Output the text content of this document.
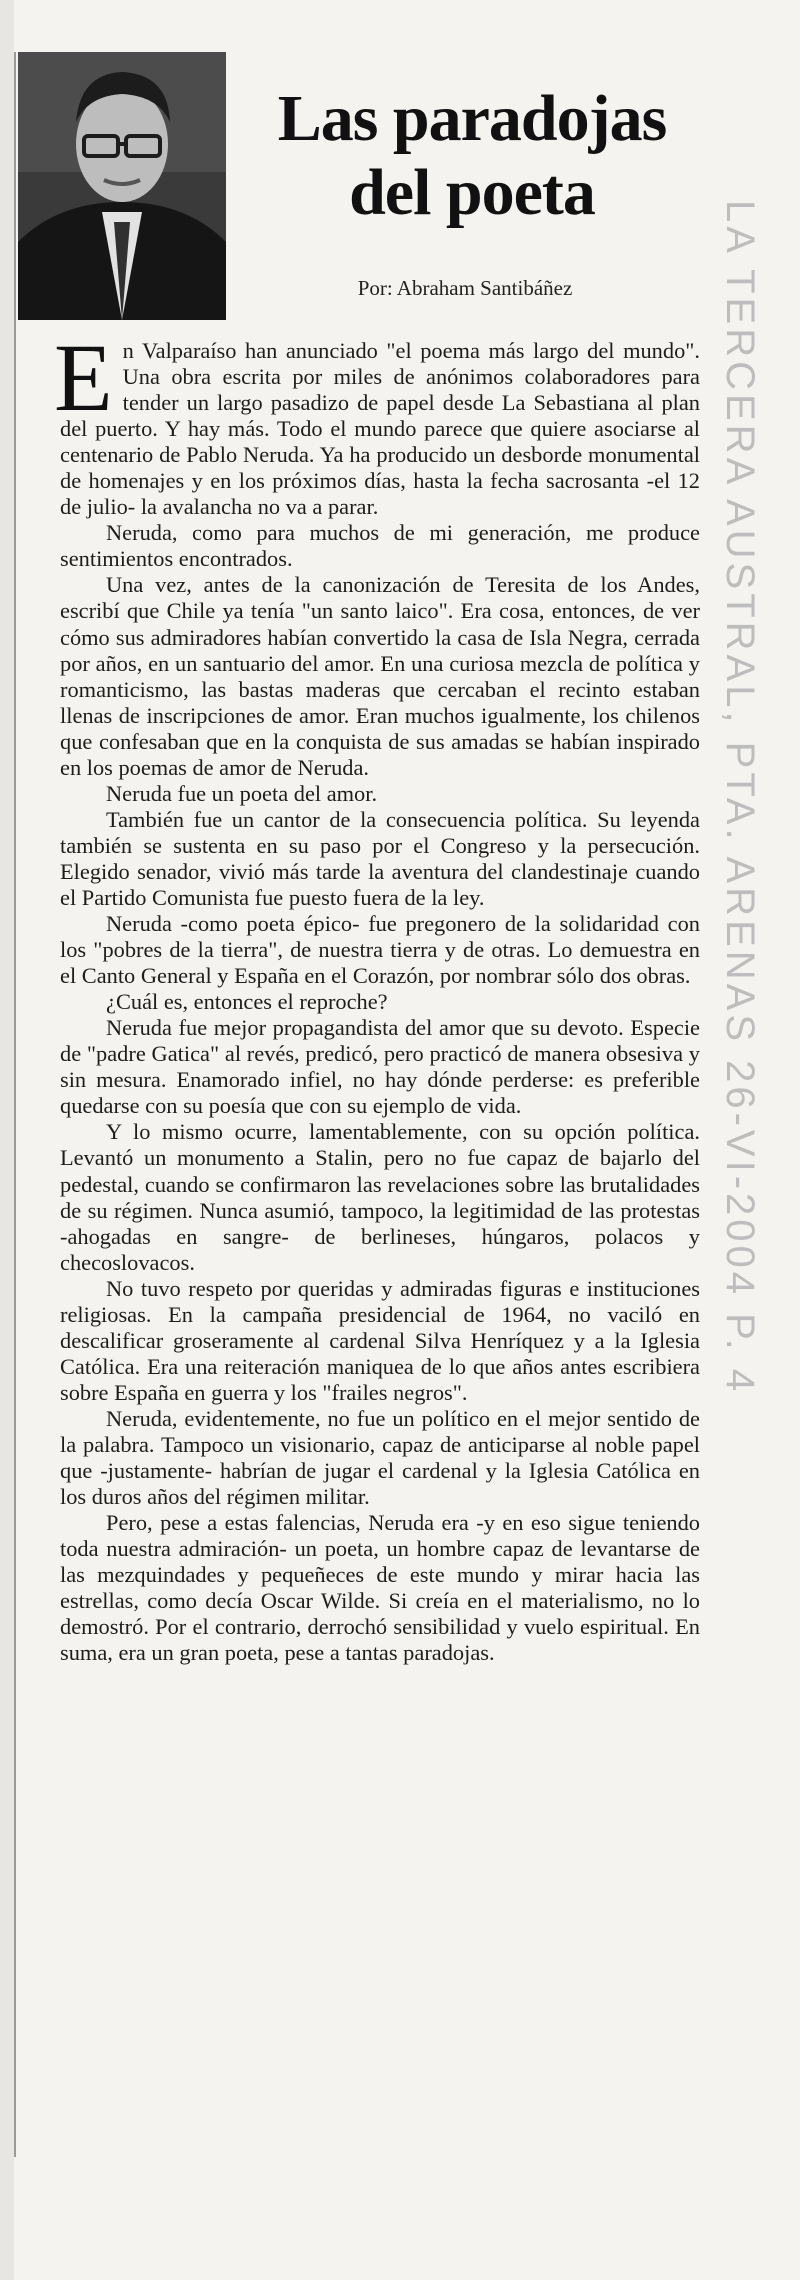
Las paradojas
del poeta
Por: Abraham Santibáñez

En Valparaíso han anunciado "el poema más largo del mundo". Una obra escrita por miles de anónimos colaboradores para tender un largo pasadizo de papel desde La Sebastiana al plan del puerto. Y hay más. Todo el mundo parece que quiere asociarse al centenario de Pablo Neruda. Ya ha producido un desborde monumental de homenajes y en los próximos días, hasta la fecha sacrosanta -el 12 de julio- la avalancha no va a parar.

Neruda, como para muchos de mi generación, me produce sentimientos encontrados.

Una vez, antes de la canonización de Teresita de los Andes, escribí que Chile ya tenía "un santo laico". Era cosa, entonces, de ver cómo sus admiradores habían convertido la casa de Isla Negra, cerrada por años, en un santuario del amor. En una curiosa mezcla de política y romanticismo, las bastas maderas que cercaban el recinto estaban llenas de inscripciones de amor. Eran muchos igualmente, los chilenos que confesaban que en la conquista de sus amadas se habían inspirado en los poemas de amor de Neruda.

Neruda fue un poeta del amor.

También fue un cantor de la consecuencia política. Su leyenda también se sustenta en su paso por el Congreso y la persecución. Elegido senador, vivió más tarde la aventura del clandestinaje cuando el Partido Comunista fue puesto fuera de la ley.

Neruda -como poeta épico- fue pregonero de la solidaridad con los "pobres de la tierra", de nuestra tierra y de otras. Lo demuestra en el Canto General y España en el Corazón, por nombrar sólo dos obras.

¿Cuál es, entonces el reproche?

Neruda fue mejor propagandista del amor que su devoto. Especie de "padre Gatica" al revés, predicó, pero practicó de manera obsesiva y sin mesura. Enamorado infiel, no hay dónde perderse: es preferible quedarse con su poesía que con su ejemplo de vida.

Y lo mismo ocurre, lamentablemente, con su opción política. Levantó un monumento a Stalin, pero no fue capaz de bajarlo del pedestal, cuando se confirmaron las revelaciones sobre las brutalidades de su régimen. Nunca asumió, tampoco, la legitimidad de las protestas -ahogadas en sangre- de berlineses, húngaros, polacos y checoslovacos.

No tuvo respeto por queridas y admiradas figuras e instituciones religiosas. En la campaña presidencial de 1964, no vaciló en descalificar groseramente al cardenal Silva Henríquez y a la Iglesia Católica. Era una reiteración maniquea de lo que años antes escribiera sobre España en guerra y los "frailes negros".

Neruda, evidentemente, no fue un político en el mejor sentido de la palabra. Tampoco un visionario, capaz de anticiparse al noble papel que -justamente- habrían de jugar el cardenal y la Iglesia Católica en los duros años del régimen militar.

Pero, pese a estas falencias, Neruda era -y en eso sigue teniendo toda nuestra admiración- un poeta, un hombre capaz de levantarse de las mezquindades y pequeñeces de este mundo y mirar hacia las estrellas, como decía Oscar Wilde. Si creía en el materialismo, no lo demostró. Por el contrario, derrochó sensibilidad y vuelo espiritual. En suma, era un gran poeta, pese a tantas paradojas.

LA TERCERA AUSTRAL, PTA. ARENAS 26-VI-2004 P. 4
